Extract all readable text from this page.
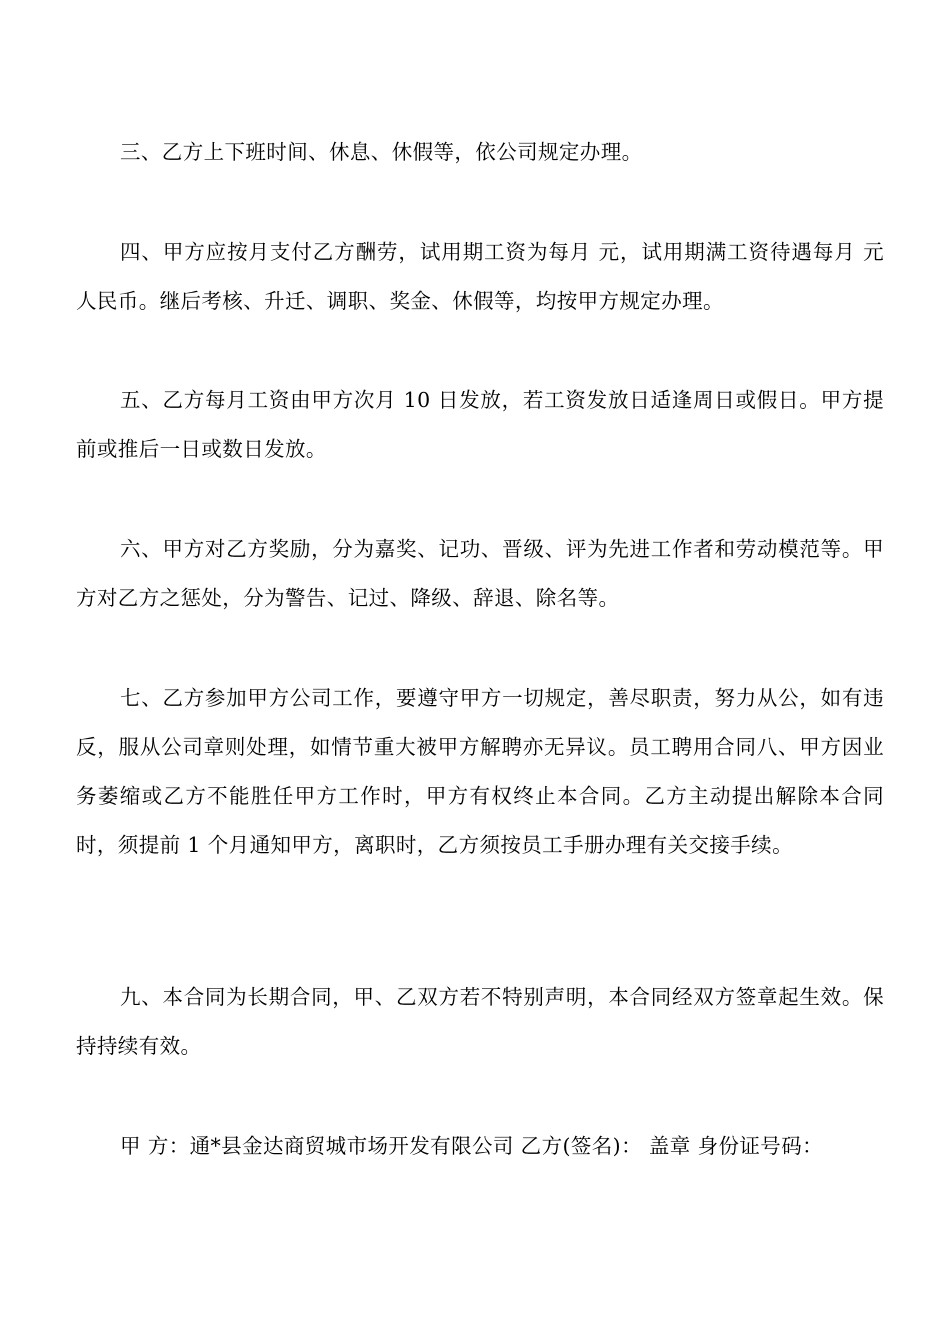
三、乙方上下班时间、休息、休假等，依公司规定办理。

四、甲方应按月支付乙方酬劳，试用期工资为每月 元，试用期满工资待遇每月 元人民币。继后考核、升迁、调职、奖金、休假等，均按甲方规定办理。

五、乙方每月工资由甲方次月 10 日发放，若工资发放日适逢周日或假日。甲方提前或推后一日或数日发放。

六、甲方对乙方奖励，分为嘉奖、记功、晋级、评为先进工作者和劳动模范等。甲方对乙方之惩处，分为警告、记过、降级、辞退、除名等。

七、乙方参加甲方公司工作，要遵守甲方一切规定，善尽职责，努力从公，如有违反，服从公司章则处理，如情节重大被甲方解聘亦无异议。员工聘用合同八、甲方因业务萎缩或乙方不能胜任甲方工作时，甲方有权终止本合同。乙方主动提出解除本合同时，须提前 1 个月通知甲方，离职时，乙方须按员工手册办理有关交接手续。

九、本合同为长期合同，甲、乙双方若不特别声明，本合同经双方签章起生效。保持持续有效。

甲 方：通*县金达商贸城市场开发有限公司 乙方(签名)： 盖章 身份证号码：
